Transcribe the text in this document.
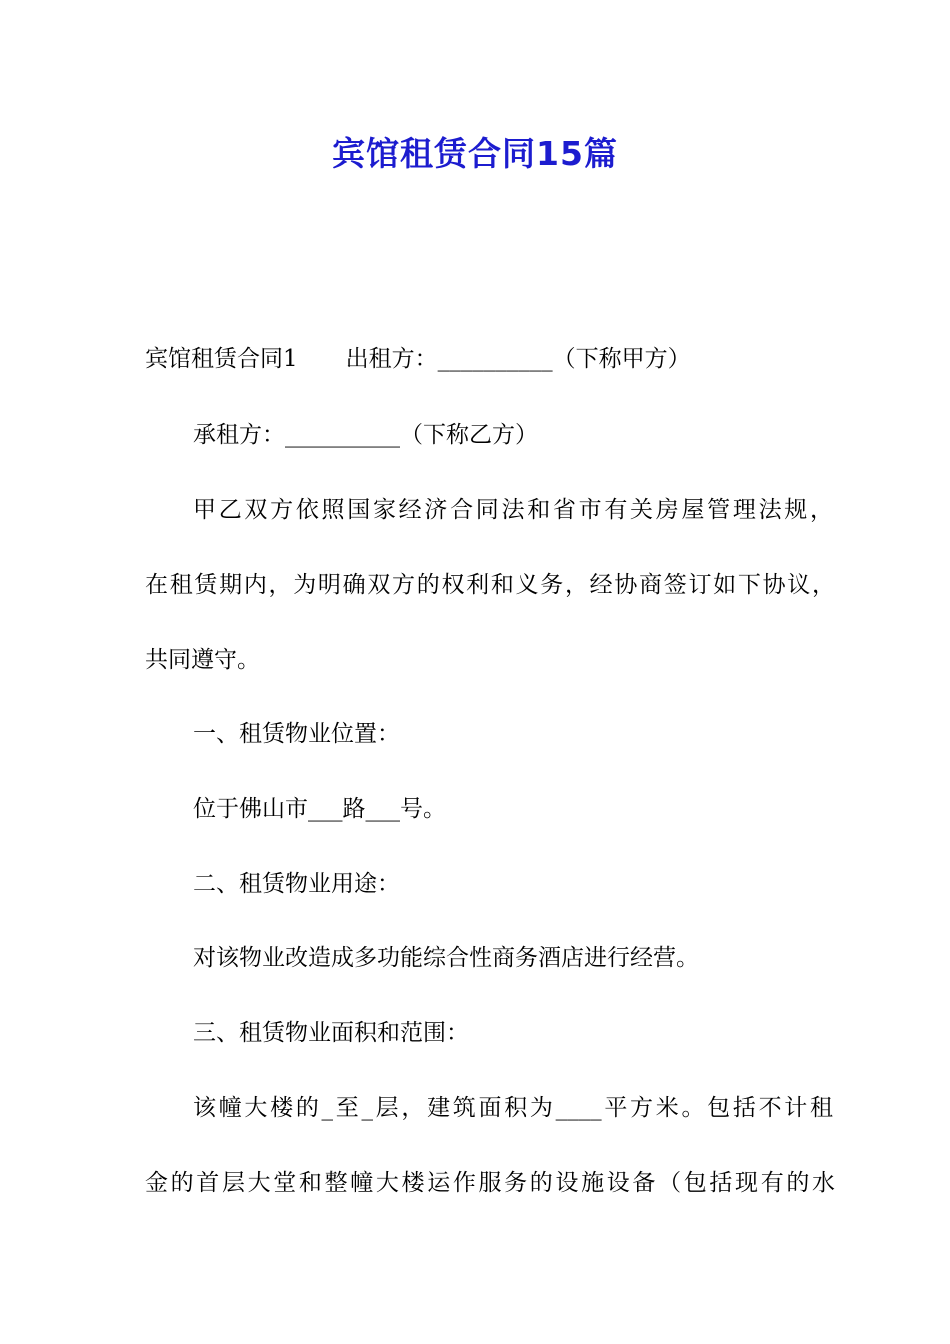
宾馆租赁合同15篇

宾馆租赁合同1 出租方：__________（下称甲方）

承租方：__________（下称乙方）

甲乙双方依照国家经济合同法和省市有关房屋管理法规，

在租赁期内，为明确双方的权利和义务，经协商签订如下协议，

共同遵守。

一、租赁物业位置：

位于佛山市___路___号。

二、租赁物业用途：

对该物业改造成多功能综合性商务酒店进行经营。

三、租赁物业面积和范围：

该幢大楼的_至_层，建筑面积为____平方米。包括不计租

金的首层大堂和整幢大楼运作服务的设施设备（包括现有的水
